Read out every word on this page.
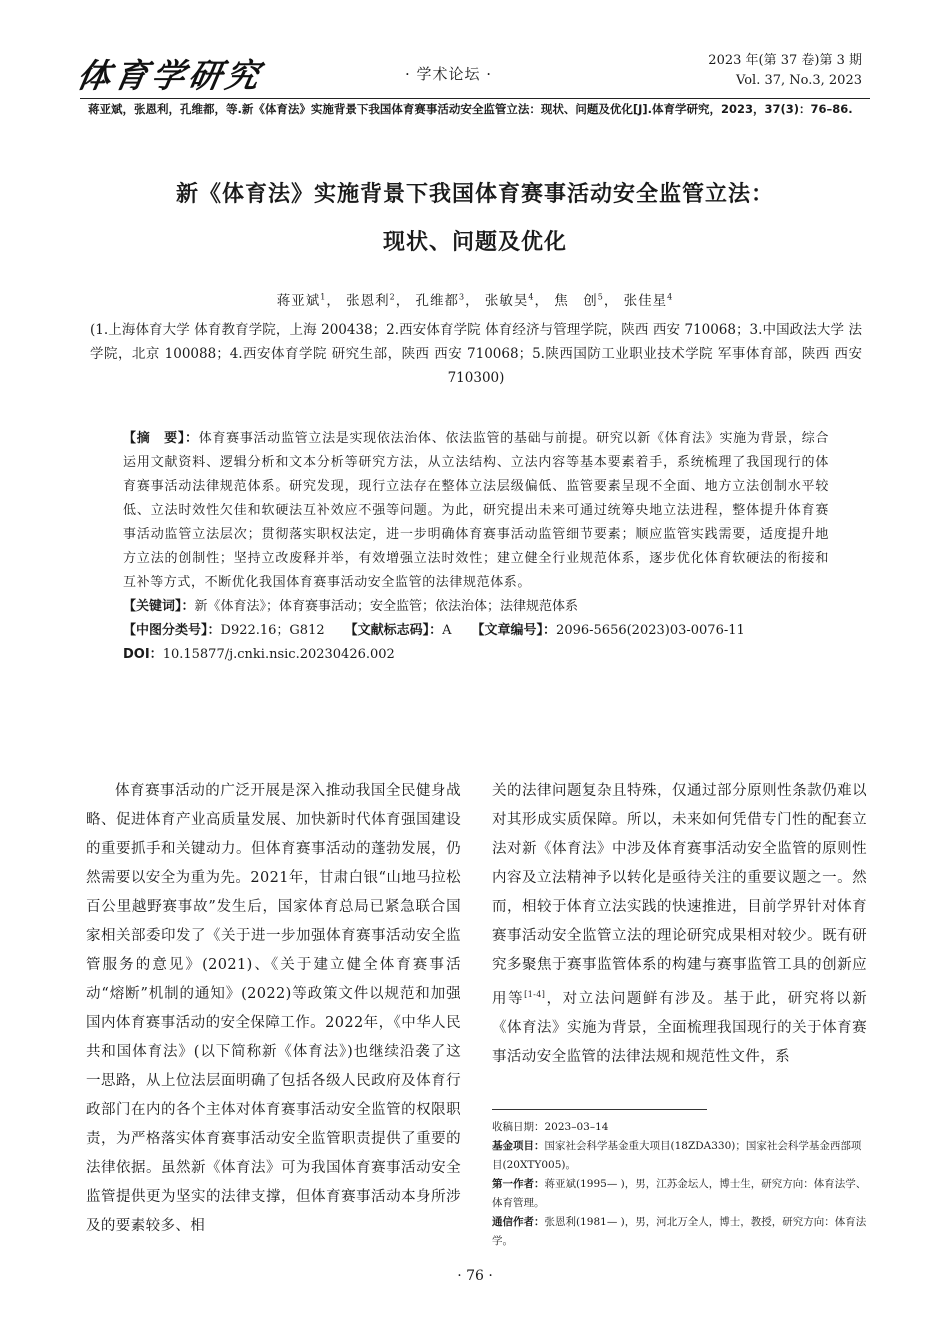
体育学研究	· 学术论坛 ·
2023 年(第 37 卷)第 3 期
Vol. 37, No.3, 2023
蒋亚斌，张恩利，孔维都，等.新《体育法》实施背景下我国体育赛事活动安全监管立法：现状、问题及优化[J].体育学研究，2023，37(3)：76–86.
新《体育法》实施背景下我国体育赛事活动安全监管立法：
现状、问题及优化
蒋亚斌$^1$， 张恩利$^2$， 孔维都$^3$， 张敏昊$^4$， 焦　创$^5$， 张佳星$^4$
(1.上海体育大学 体育教育学院，上海 200438；2.西安体育学院 体育经济与管理学院，陕西 西安 710068；3.中国政法大学 法学院，北京 100088；4.西安体育学院 研究生部，陕西 西安 710068；5.陕西国防工业职业技术学院 军事体育部，陕西 西安 710300)
【摘　要】：体育赛事活动监管立法是实现依法治体、依法监管的基础与前提。研究以新《体育法》实施为背景，综合运用文献资料、逻辑分析和文本分析等研究方法，从立法结构、立法内容等基本要素着手，系统梳理了我国现行的体育赛事活动法律规范体系。研究发现，现行立法存在整体立法层级偏低、监管要素呈现不全面、地方立法创制水平较低、立法时效性欠佳和软硬法互补效应不强等问题。为此，研究提出未来可通过统筹央地立法进程，整体提升体育赛事活动监管立法层次；贯彻落实职权法定，进一步明确体育赛事活动监管细节要素；顺应监管实践需要，适度提升地方立法的创制性；坚持立改废释并举，有效增强立法时效性；建立健全行业规范体系，逐步优化体育软硬法的衔接和互补等方式，不断优化我国体育赛事活动安全监管的法律规范体系。
【关键词】：新《体育法》；体育赛事活动；安全监管；依法治体；法律规范体系
【中图分类号】：D922.16；G812 【文献标志码】：A 【文章编号】：2096-5656(2023)03-0076-11
DOI：10.15877/j.cnki.nsic.20230426.002

体育赛事活动的广泛开展是深入推动我国全民健身战略、促进体育产业高质量发展、加快新时代体育强国建设的重要抓手和关键动力。但体育赛事活动的蓬勃发展，仍然需要以安全为重为先。2021年，甘肃白银“山地马拉松百公里越野赛事故”发生后，国家体育总局已紧急联合国家相关部委印发了《关于进一步加强体育赛事活动安全监管服务的意见》(2021)、《关于建立健全体育赛事活动“熔断”机制的通知》(2022)等政策文件以规范和加强国内体育赛事活动的安全保障工作。2022年，《中华人民共和国体育法》(以下简称新《体育法》)也继续沿袭了这一思路，从上位法层面明确了包括各级人民政府及体育行政部门在内的各个主体对体育赛事活动安全监管的权限职责，为严格落实体育赛事活动安全监管职责提供了重要的法律依据。虽然新《体育法》可为我国体育赛事活动安全监管提供更为坚实的法律支撑，但体育赛事活动本身所涉及的要素较多、相

关的法律问题复杂且特殊，仅通过部分原则性条款仍难以对其形成实质保障。所以，未来如何凭借专门性的配套立法对新《体育法》中涉及体育赛事活动安全监管的原则性内容及立法精神予以转化是亟待关注的重要议题之一。然而，相较于体育立法实践的快速推进，目前学界针对体育赛事活动安全监管立法的理论研究成果相对较少。既有研究多聚焦于赛事监管体系的构建与赛事监管工具的创新应用等[1-4]，对立法问题鲜有涉及。基于此，研究将以新《体育法》实施为背景，全面梳理我国现行的关于体育赛事活动安全监管的法律法规和规范性文件，系

收稿日期：2023–03–14

基金项目：国家社会科学基金重大项目(18ZDA330)；国家社会科学基金西部项目(20XTY005)。

第一作者：蒋亚斌(1995— )，男，江苏金坛人，博士生，研究方向：体育法学、体育管理。

通信作者：张恩利(1981— )，男，河北万全人，博士，教授，研究方向：体育法学。

· 76 ·
